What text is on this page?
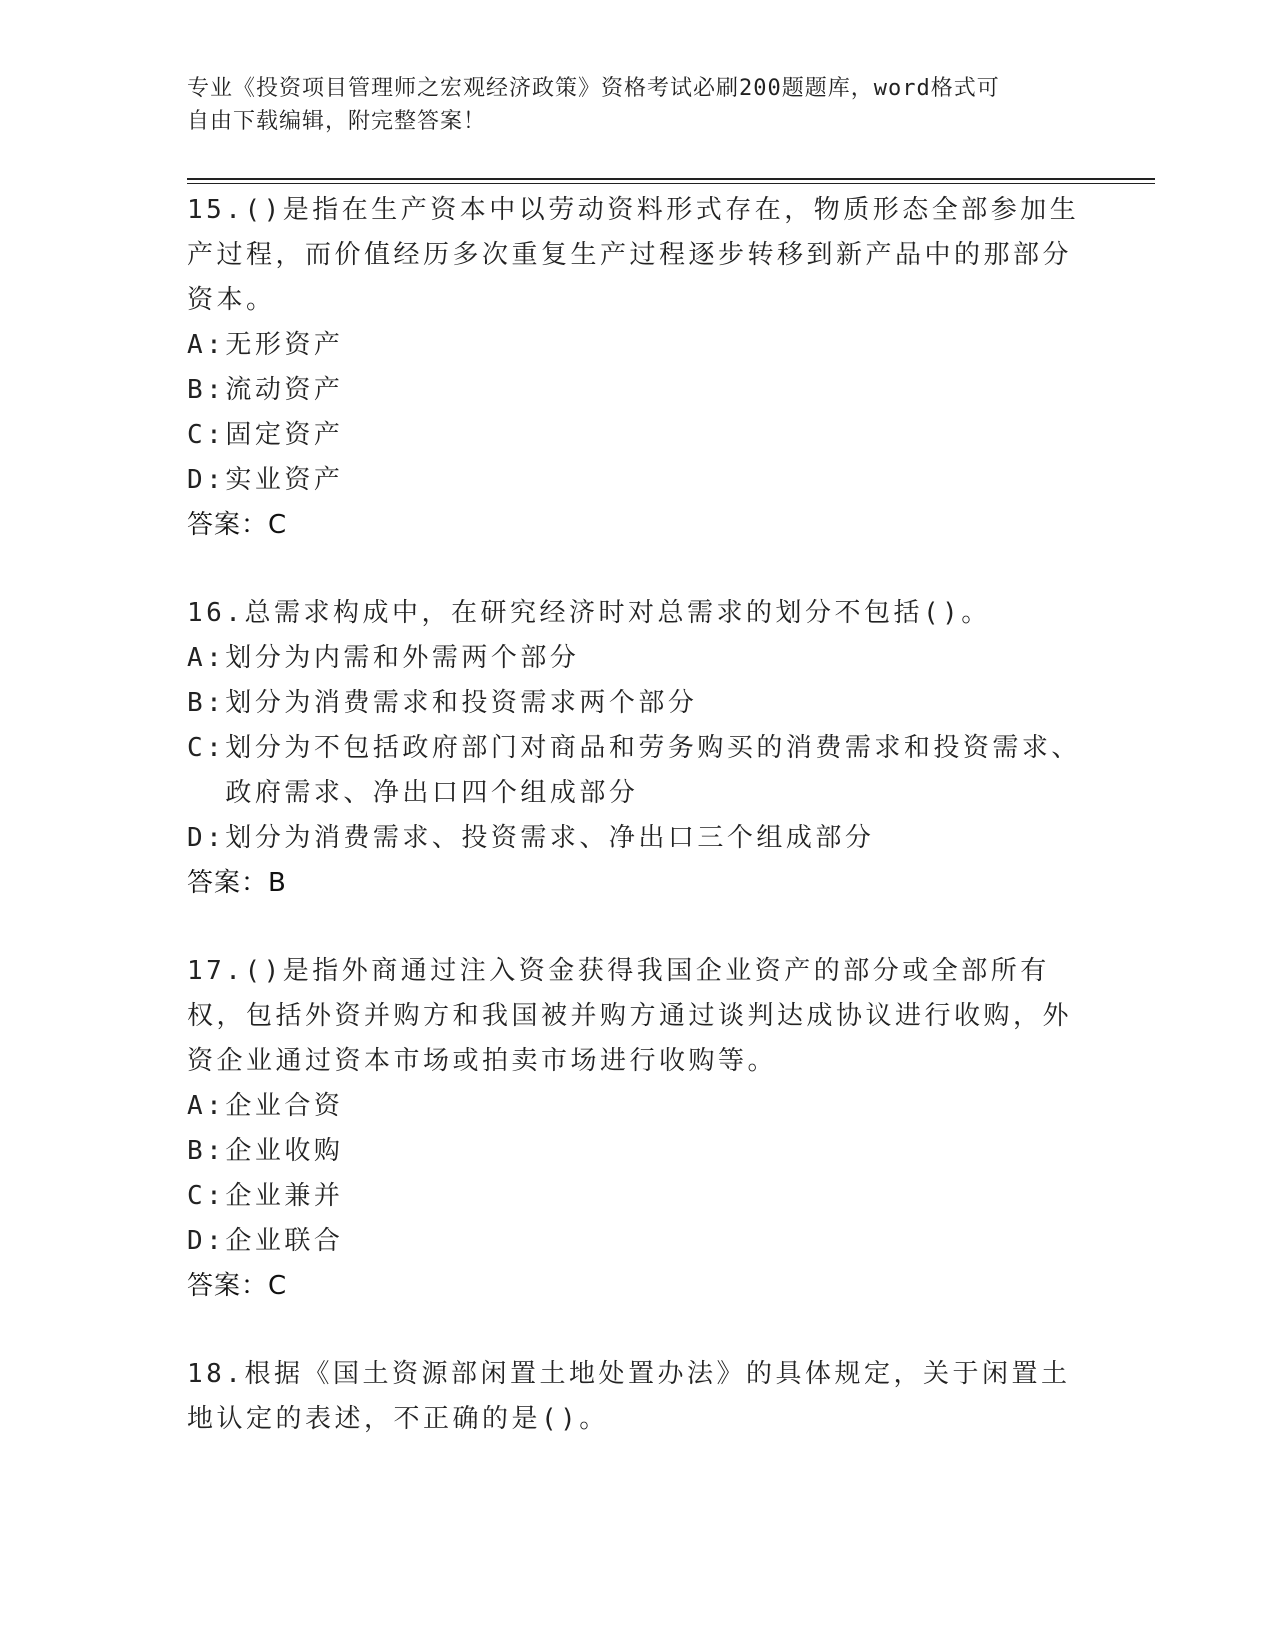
专业《投资项目管理师之宏观经济政策》资格考试必刷200题题库，word格式可
自由下载编辑，附完整答案！
15.()是指在生产资本中以劳动资料形式存在，物质形态全部参加生产过程，而价值经历多次重复生产过程逐步转移到新产品中的那部分资本。
A: 无形资产
B: 流动资产
C: 固定资产
D: 实业资产
答案：C
16.总需求构成中，在研究经济时对总需求的划分不包括()。
A: 划分为内需和外需两个部分
B: 划分为消费需求和投资需求两个部分
C: 划分为不包括政府部门对商品和劳务购买的消费需求和投资需求、政府需求、净出口四个组成部分
D: 划分为消费需求、投资需求、净出口三个组成部分
答案：B
17.()是指外商通过注入资金获得我国企业资产的部分或全部所有权，包括外资并购方和我国被并购方通过谈判达成协议进行收购，外资企业通过资本市场或拍卖市场进行收购等。
A: 企业合资
B: 企业收购
C: 企业兼并
D: 企业联合
答案：C
18.根据《国土资源部闲置土地处置办法》的具体规定，关于闲置土地认定的表述，不正确的是()。
